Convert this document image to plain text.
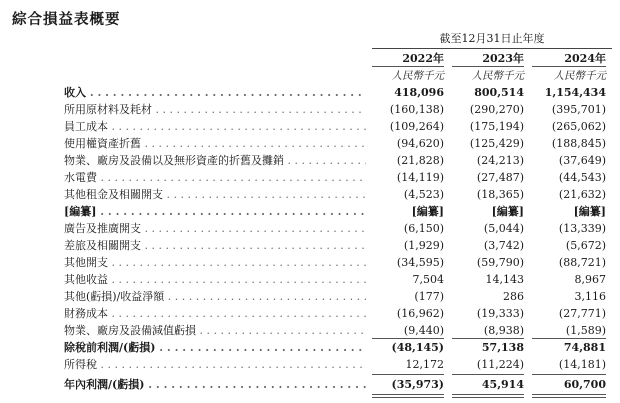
綜合損益表概要
截至12月31日止年度
2022年	2023年	2024年
人民幣千元	人民幣千元	人民幣千元
收入 . . .	418,096	800,514	1,154,434
所用原材料及耗材 . . .	(160,138)	(290,270)	(395,701)
員工成本 . . .	(109,264)	(175,194)	(265,062)
使用權資產折舊 . . .	(94,620)	(125,429)	(188,845)
物業、廠房及設備以及無形資產的折舊及攤銷 . . .	(21,828)	(24,213)	(37,649)
水電費 . . .	(14,119)	(27,487)	(44,543)
其他租金及相關開支 . . .	(4,523)	(18,365)	(21,632)
[編纂] . . .	[編纂]	[編纂]	[編纂]
廣告及推廣開支 . . .	(6,150)	(5,044)	(13,339)
差旅及相關開支 . . .	(1,929)	(3,742)	(5,672)
其他開支 . . .	(34,595)	(59,790)	(88,721)
其他收益 . . .	7,504	14,143	8,967
其他(虧損)/收益淨額 . . .	(177)	286	3,116
財務成本 . . .	(16,962)	(19,333)	(27,771)
物業、廠房及設備減值虧損 . . .	(9,440)	(8,938)	(1,589)
除稅前利潤/(虧損) . . .	(48,145)	57,138	74,881
所得稅 . . .	12,172	(11,224)	(14,181)
年內利潤/(虧損) . . .	(35,973)	45,914	60,700
